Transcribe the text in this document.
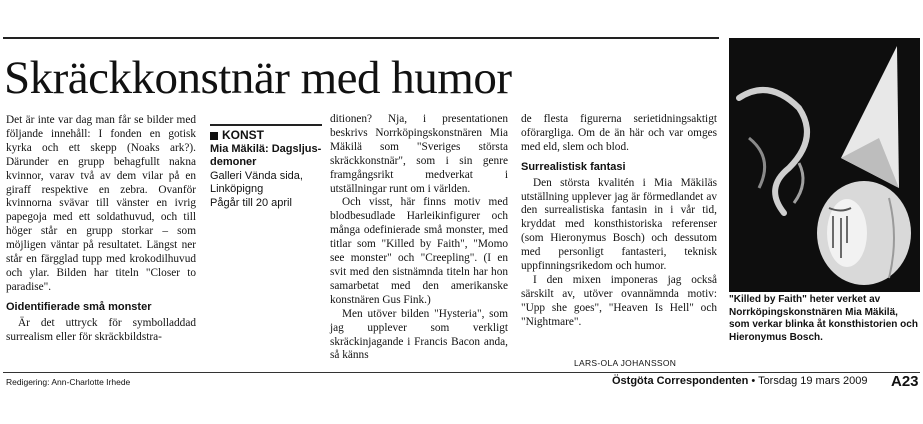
Skräckkonstnär med humor

Det är inte var dag man får se bilder med följande innehåll: I fonden en gotisk kyrka och ett skepp (Noaks ark?). Därunder en grupp behagfullt nakna kvinnor, varav två av dem vilar på en giraff respektive en zebra. Ovanför kvinnorna svävar till vänster en ivrig papegoja med ett soldathuvud, och till höger står en grupp storkar – som möjligen väntar på resultatet. Längst ner står en färgglad tupp med krokodilhuvud och ylar. Bilden har titeln "Closer to paradise".

Oidentifierade små monster

Är det uttryck för symbolladdad surrealism eller för skräckbildstra-

KONST
Mia Mäkilä: Dagsljus-demoner
Galleri Vända sida, Linköpigng
Pågår till 20 april

ditionen? Nja, i presentationen beskrivs Norrköpingskonstnären Mia Mäkilä som "Sveriges största skräckkonstnär", som i sin genre framgångsrikt medverkat i utställningar runt om i världen.

Och visst, här finns motiv med blodbesudlade Harleikinfigurer och många odefinierade små monster, med titlar som "Killed by Faith", "Momo see monster" och "Creepling". (I en svit med den sistnämnda titeln har hon samarbetat med den amerikanske konstnären Gus Fink.)

Men utöver bilden "Hysteria", som jag upplever som verkligt skräckinjagande i Francis Bacon anda, så känns

de flesta figurerna serietidningsaktigt oförargliga. Om de än här och var omges med eld, slem och blod.

Surrealistisk fantasi

Den största kvalitén i Mia Mäkiläs utställning upplever jag är förmedlandet av den surrealistiska fantasin in i vår tid, kryddat med konsthistoriska referenser (som Hieronymus Bosch) och dessutom med personligt fantasteri, teknisk uppfinningsrikedom och humor.

I den mixen imponeras jag också särskilt av, utöver ovannämnda motiv: "Upp she goes", "Heaven Is Hell" och "Nightmare".

LARS-OLA JOHANSSON
"Killed by Faith" heter verket av Norrköpingskonstnären Mia Mäkilä, som verkar blinka åt konsthistorien och Hieronymus Bosch.
Redigering: Ann-Charlotte Irhede	Östgöta Correspondenten • Torsdag 19 mars 2009 A23
